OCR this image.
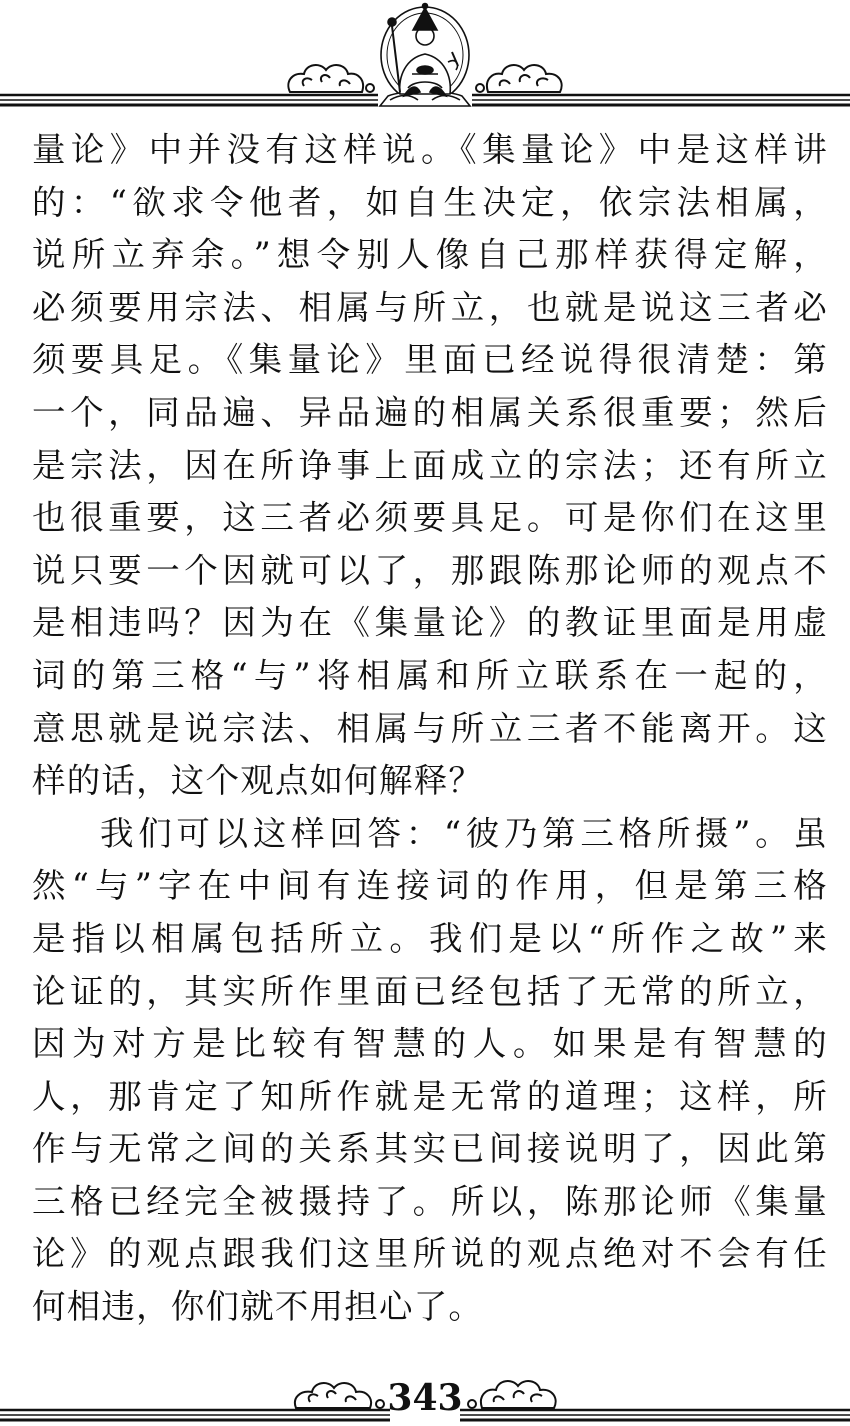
量论》中并没有这样说。《集量论》中是这样讲
的：“欲求令他者，如自生决定，依宗法相属，
说所立弃余。”想令别人像自己那样获得定解，
必须要用宗法、相属与所立，也就是说这三者必
须要具足。《集量论》里面已经说得很清楚：第
一个，同品遍、异品遍的相属关系很重要；然后
是宗法，因在所诤事上面成立的宗法；还有所立
也很重要，这三者必须要具足。可是你们在这里
说只要一个因就可以了，那跟陈那论师的观点不
是相违吗？因为在《集量论》的教证里面是用虚
词的第三格“与”将相属和所立联系在一起的，
意思就是说宗法、相属与所立三者不能离开。这
样的话，这个观点如何解释？
我们可以这样回答：“彼乃第三格所摄”。虽
然“与”字在中间有连接词的作用，但是第三格
是指以相属包括所立。我们是以“所作之故”来
论证的，其实所作里面已经包括了无常的所立，
因为对方是比较有智慧的人。如果是有智慧的
人，那肯定了知所作就是无常的道理；这样，所
作与无常之间的关系其实已间接说明了，因此第
三格已经完全被摄持了。所以，陈那论师《集量
论》的观点跟我们这里所说的观点绝对不会有任
何相违，你们就不用担心了。
343
